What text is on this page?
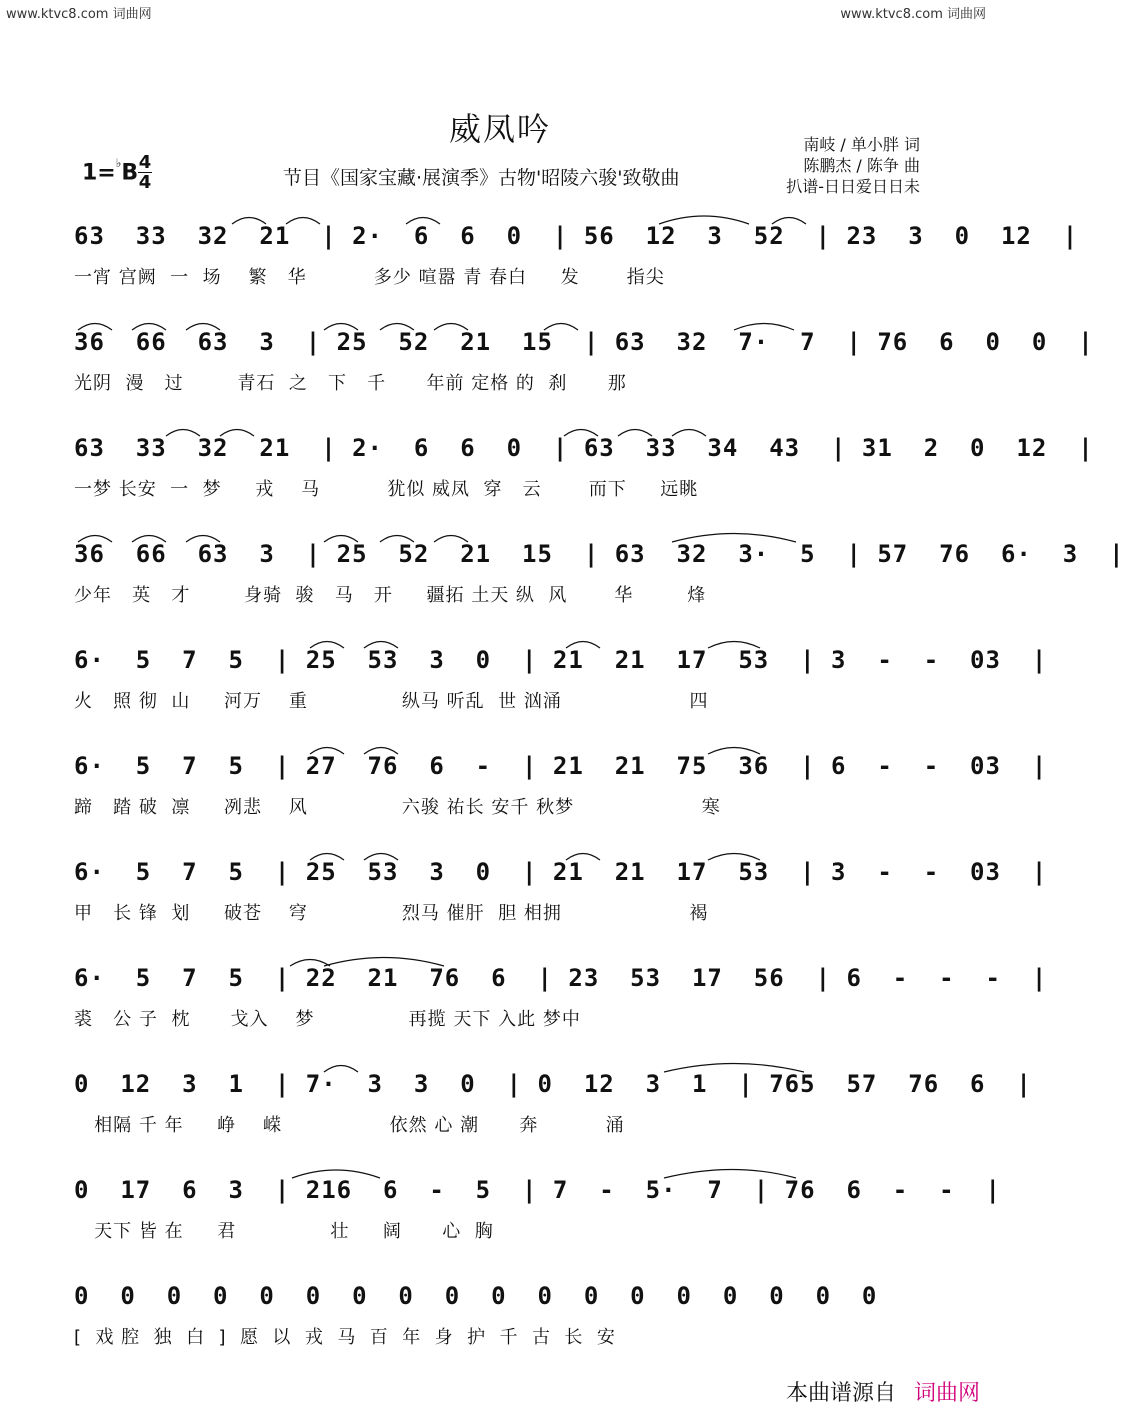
www.ktvc8.com 词曲网	www.ktvc8.com 词曲网
威凤吟
1=♭B 4
4	节目《国家宝藏·展演季》古物'昭陵六骏'致敬曲
南岐 / 单小胖 词
陈鹏杰 / 陈争 曲
扒谱-日日爱日日未
63  33  32  21  | 2·  6  6  0  | 56  12  3  52  | 23  3  0  12  |
一宵 宫阙  一  场    繁   华          多少 喧嚣 青 春白     发       指尖
36  66  63  3  | 25  52  21  15  | 63  32  7·  7  | 76  6  0  0  |
光阴  漫   过        青石  之   下   千      年前 定格 的  刹      那
63  33  32  21  | 2·  6  6  0  | 63  33  34  43  | 31  2  0  12  |
一梦 长安  一  梦     戎    马          犹似 威凤  穿   云       而下     远眺
36  66  63  3  | 25  52  21  15  | 63  32  3·  5  | 57  76  6·  3  |
少年   英   才        身骑  骏   马   开     疆拓 土天 纵  风       华        烽
6·  5  7  5  | 25  53  3  0  | 21  21  17  53  | 3  -  -  03  |
火   照 彻  山     河万    重              纵马 听乱  世 汹涌                   四
6·  5  7  5  | 27  76  6  -  | 21  21  75  36  | 6  -  -  03  |
蹄   踏 破  凛     冽悲    风              六骏 祐长 安千 秋梦                   寒
6·  5  7  5  | 25  53  3  0  | 21  21  17  53  | 3  -  -  03  |
甲   长 锋  划     破苍    穹              烈马 催肝  胆 相拥                   褐
6·  5  7  5  | 22  21  76  6  | 23  53  17  56  | 6  -  -  -  |
裘   公 子  枕      戈入    梦              再揽 天下 入此 梦中
0  12  3  1  | 7·  3  3  0  | 0  12  3  1  | 765  57  76  6  |
相隔 千 年     峥    嵘                依然 心 潮      奔          涌
0  17  6  3  | 216  6  -  5  | 7  -  5·  7  | 76  6  -  -  |
天下 皆 在     君              壮     阔      心  胸
0  0  0  0  0  0  0  0  0  0  0  0  0  0  0  0  0  0
[  戏 腔  独  白  ]  愿  以  戎  马  百  年  身  护  千  古  长  安
本曲谱源自 词曲网
